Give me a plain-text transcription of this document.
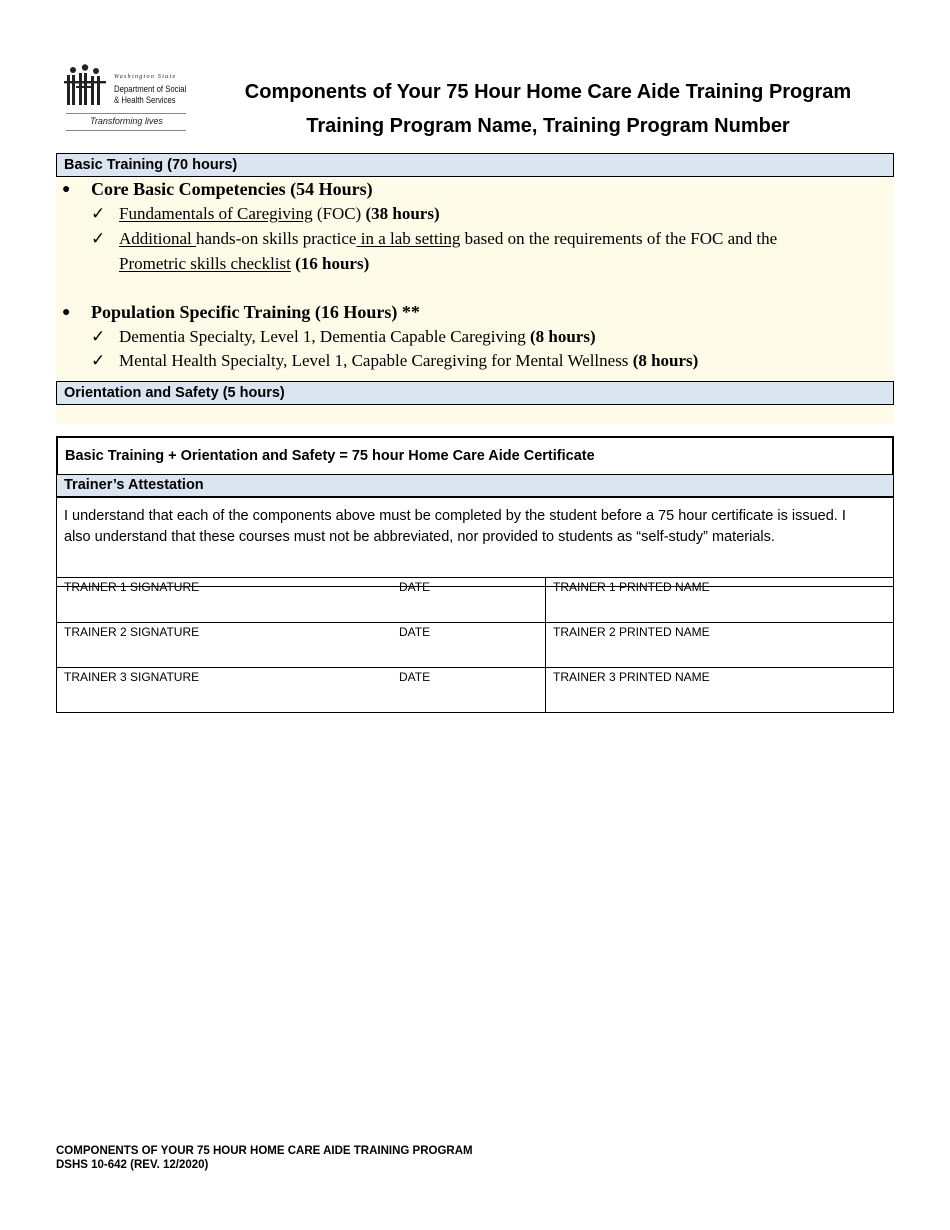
Washington State
Department of Social
& Health Services
Transforming lives
Components of Your 75 Hour Home Care Aide Training Program
Training Program Name, Training Program Number
Basic Training (70 hours)
● Core Basic Competencies (54 Hours)
✓ Fundamentals of Caregiving (FOC) (38 hours)
✓ Additional hands-on skills practice in a lab setting based on the requirements of the FOC and the
Prometric skills checklist (16 hours)
● Population Specific Training (16 Hours) **
✓ Dementia Specialty, Level 1, Dementia Capable Caregiving (8 hours)
✓ Mental Health Specialty, Level 1, Capable Caregiving for Mental Wellness (8 hours)
Orientation and Safety (5 hours)
Basic Training + Orientation and Safety = 75 hour Home Care Aide Certificate
Trainer’s Attestation

I understand that each of the components above must be completed by the student before a 75 hour certificate is issued. I also understand that these courses must not be abbreviated, nor provided to students as “self-study” materials.

TRAINER 1 SIGNATURE DATE	TRAINER 1 PRINTED NAME

TRAINER 2 SIGNATURE DATE	TRAINER 2 PRINTED NAME

TRAINER 3 SIGNATURE DATE	TRAINER 3 PRINTED NAME
COMPONENTS OF YOUR 75 HOUR HOME CARE AIDE TRAINING PROGRAM
DSHS 10-642 (REV. 12/2020)
